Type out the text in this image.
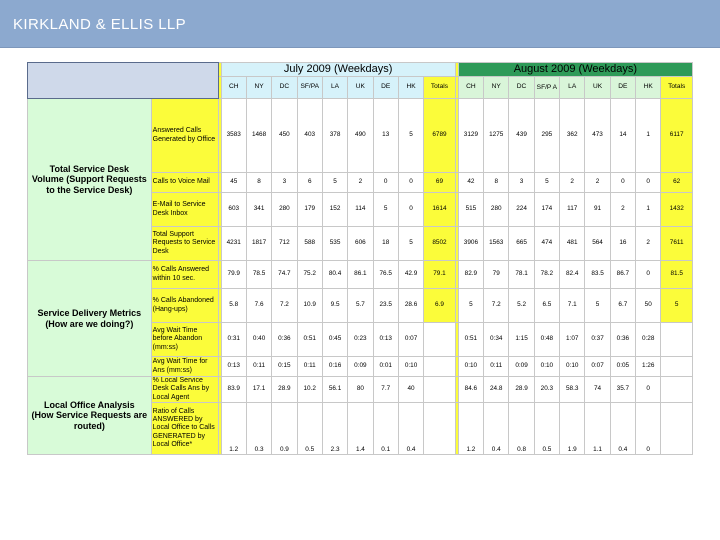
KIRKLAND & ELLIS LLP
			July 2009 (Weekdays)										August 2009 (Weekdays)								
			CH	NY	DC	SF/PA	LA	UK	DE	HK	Totals		CH	NY	DC	SF/P A	LA	UK	DE	HK	Totals
Total Service Desk
Volume (Support Requests to the Service Desk)	Answered Calls Generated by Office		3583	1468	450	403	378	490	13	5	6789		3129	1275	439	295	362	473	14	1	6117
	Calls to Voice Mail		45	8	3	6	5	2	0	0	69		42	8	3	5	2	2	0	0	62
	E-Mail to Service Desk Inbox		603	341	280	179	152	114	5	0	1614		515	280	224	174	117	91	2	1	1432
	Total Support Requests to Service Desk		4231	1817	712	588	535	606	18	5	8502		3906	1563	665	474	481	564	16	2	7611
Service Delivery Metrics (How are we doing?)	% Calls Answered within 10 sec.		79.9	78.5	74.7	75.2	80.4	86.1	76.5	42.9	79.1		82.9	79	78.1	78.2	82.4	83.5	86.7	0	81.5
	% Calls Abandoned (Hang-ups)		5.8	7.6	7.2	10.9	9.5	5.7	23.5	28.6	6.9		5	7.2	5.2	6.5	7.1	5	6.7	50	5
	Avg Wait Time before Abandon (mm:ss)		0:31	0:40	0:36	0:51	0:45	0:23	0:13	0:07			0:51	0:34	1:15	0:48	1:07	0:37	0:36	0:28	
	Avg Wait Time for Ans (mm:ss)		0:13	0:11	0:15	0:11	0:16	0:09	0:01	0:10			0:10	0:11	0:09	0:10	0:10	0:07	0:05	1:26	
Local Office Analysis
(How Service Requests are routed)	% Local Service Desk Calls Ans by Local Agent		83.9	17.1	28.9	10.2	56.1	80	7.7	40			84.6	24.8	28.9	20.3	58.3	74	35.7	0	
	Ratio of Calls ANSWERED by Local Office to Calls GENERATED by Local Office*		1.2	0.3	0.9	0.5	2.3	1.4	0.1	0.4			1.2	0.4	0.8	0.5	1.9	1.1	0.4	0	
